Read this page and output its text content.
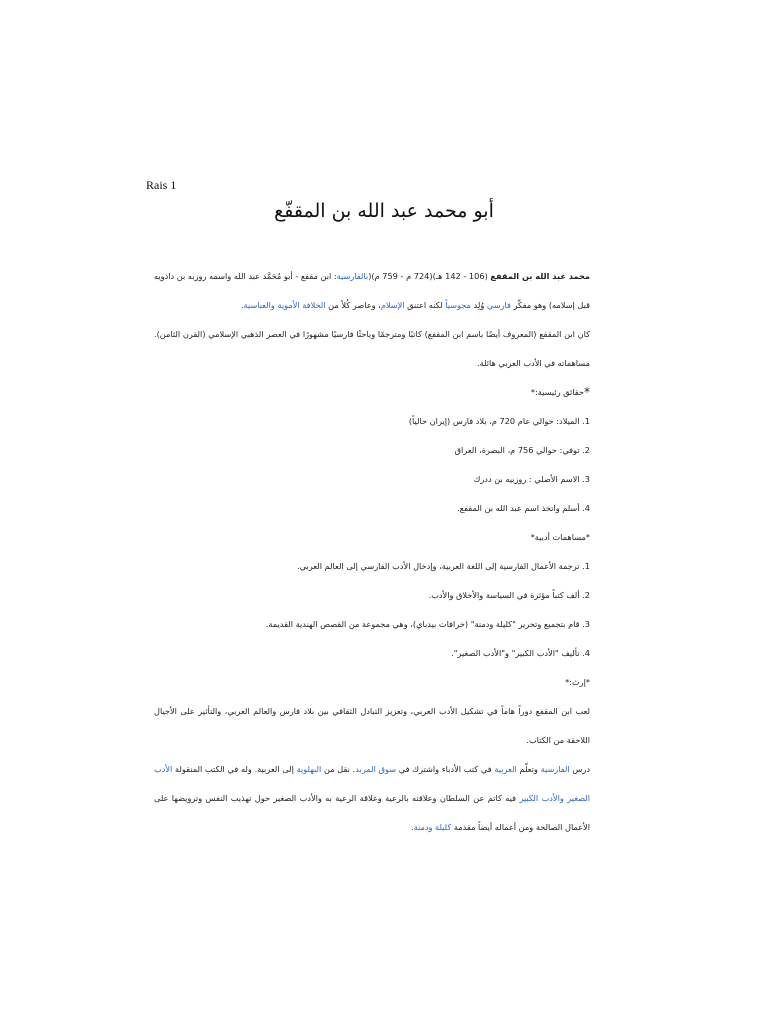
Rais 1
أبو محمد عبد الله بن المقفّع

محمد عبد الله بن المقفع (106 - 142 هـ)(724 م - 759 م)(بالفارسية: ابن مقفع - أبو مُحَمَّد عبد الله واسمه روزبه بن داذويه قبل إسلامه) وهو مفكّر فارسي وُلِد مجوسياً لكنه اعتنق الإسلام، وعاصر كُلاً من الخلافة الأموية والعباسية.

كان ابن المقفع (المعروف أيضًا باسم ابن المقفع) كاتبًا ومترجمًا وباحثًا فارسيًا مشهورًا في العصر الذهبي الإسلامي (القرن الثامن). مساهماته في الأدب العربي هائلة.

*حقائق رئيسية:*

1. الميلاد: حوالي عام 720 م، بلاد فارس (إيران حالياً)

2. توفي: حوالي 756 م، البصرة، العراق

3. الاسم الأصلي : روزبيه بن ددرك

4. أسلم واتخذ اسم عبد الله بن المقفع.

*مساهمات أدبية*

1. ترجمة الأعمال الفارسية إلى اللغة العربية، وإدخال الأدب الفارسي إلى العالم العربي.

2. ألف كتباً مؤثرة في السياسة والأخلاق والأدب.

3. قام بتجميع وتحرير "كليلة ودمنة" (خرافات بيدباي)، وهي مجموعة من القصص الهندية القديمة.

4. تأليف "الأدب الكبير" و"الأدب الصغير".

*إرث:*

لعب ابن المقفع دوراً هاماً في تشكيل الأدب العربي، وتعزيز التبادل الثقافي بين بلاد فارس والعالم العربي، والتأثير على الأجيال اللاحقة من الكتاب.

درس الفارسية وتعلّم العربية في كتب الأدباء واشترك في سوق المربد. نقل من البهلوية إلى العربية. وله في الكتب المنقولة الأدب الصغير والأدب الكبير فيه كاتم عن السلطان وعلاقته بالرعية وعلاقة الرعية به والأدب الصغير حول تهذيب النفس وترويضها على الأعمال الصالحة ومن أعماله أيضاً مقدمة كليلة ودمنة.
